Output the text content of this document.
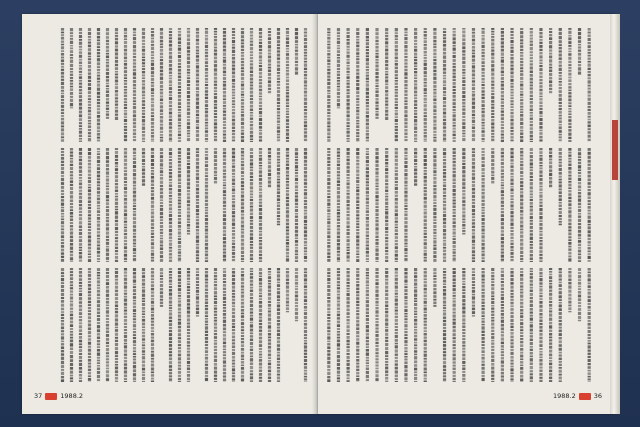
37	1988.2	1988.2	36
